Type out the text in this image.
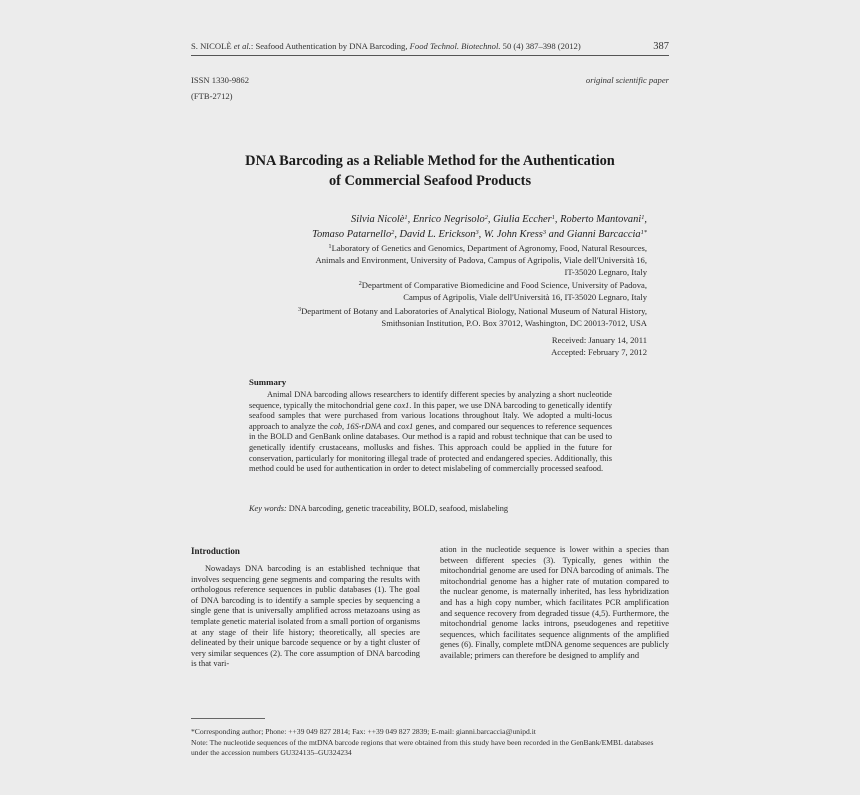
S. NICOLÈ et al.: Seafood Authentication by DNA Barcoding, Food Technol. Biotechnol. 50 (4) 387–398 (2012)	387
ISSN 1330-9862
(FTB-2712)
original scientific paper
DNA Barcoding as a Reliable Method for the Authentication
of Commercial Seafood Products
Silvia Nicolè$^1$, Enrico Negrisolo$^2$, Giulia Eccher$^1$, Roberto Mantovani$^1$,
Tomaso Patarnello$^2$, David L. Erickson$^3$, W. John Kress$^3$ and Gianni Barcaccia$^{1*}$
$^1$Laboratory of Genetics and Genomics, Department of Agronomy, Food, Natural Resources,
Animals and Environment, University of Padova, Campus of Agripolis, Viale dell'Università 16,
IT-35020 Legnaro, Italy
$^2$Department of Comparative Biomedicine and Food Science, University of Padova,
Campus of Agripolis, Viale dell'Università 16, IT-35020 Legnaro, Italy
$^3$Department of Botany and Laboratories of Analytical Biology, National Museum of Natural History,
Smithsonian Institution, P.O. Box 37012, Washington, DC 20013-7012, USA
Received: January 14, 2011
Accepted: February 7, 2012
Summary

Animal DNA barcoding allows researchers to identify different species by analyzing a short nucleotide sequence, typically the mitochondrial gene cox1. In this paper, we use DNA barcoding to genetically identify seafood samples that were purchased from various locations throughout Italy. We adopted a multi-locus approach to analyze the cob, 16S-rDNA and cox1 genes, and compared our sequences to reference sequences in the BOLD and GenBank online databases. Our method is a rapid and robust technique that can be used to genetically identify crustaceans, mollusks and fishes. This approach could be applied in the future for conservation, particularly for monitoring illegal trade of protected and endangered species. Additionally, this method could be used for authentication in order to detect mislabeling of commercially processed seafood.

Key words: DNA barcoding, genetic traceability, BOLD, seafood, mislabeling
Introduction

Nowadays DNA barcoding is an established technique that involves sequencing gene segments and comparing the results with orthologous reference sequences in public databases (1). The goal of DNA barcoding is to identify a sample species by sequencing a single gene that is universally amplified across metazoans using as template genetic material isolated from a small portion of organisms at any stage of their life history; theoretically, all species are delineated by their unique barcode sequence or by a tight cluster of very similar sequences (2). The core assumption of DNA barcoding is that vari-

ation in the nucleotide sequence is lower within a species than between different species (3). Typically, genes within the mitochondrial genome are used for DNA barcoding of animals. The mitochondrial genome has a higher rate of mutation compared to the nuclear genome, is maternally inherited, has less hybridization and has a high copy number, which facilitates PCR amplification and sequence recovery from degraded tissue (4,5). Furthermore, the mitochondrial genome lacks introns, pseudogenes and repetitive sequences, which facilitates sequence alignments of the amplified genes (6). Finally, complete mtDNA genome sequences are publicly available; primers can therefore be designed to amplify and

*Corresponding author; Phone: ++39 049 827 2814; Fax: ++39 049 827 2839; E-mail: gianni.barcaccia@unipd.it
Note: The nucleotide sequences of the mtDNA barcode regions that were obtained from this study have been recorded in the GenBank/EMBL databases under the accession numbers GU324135–GU324234
